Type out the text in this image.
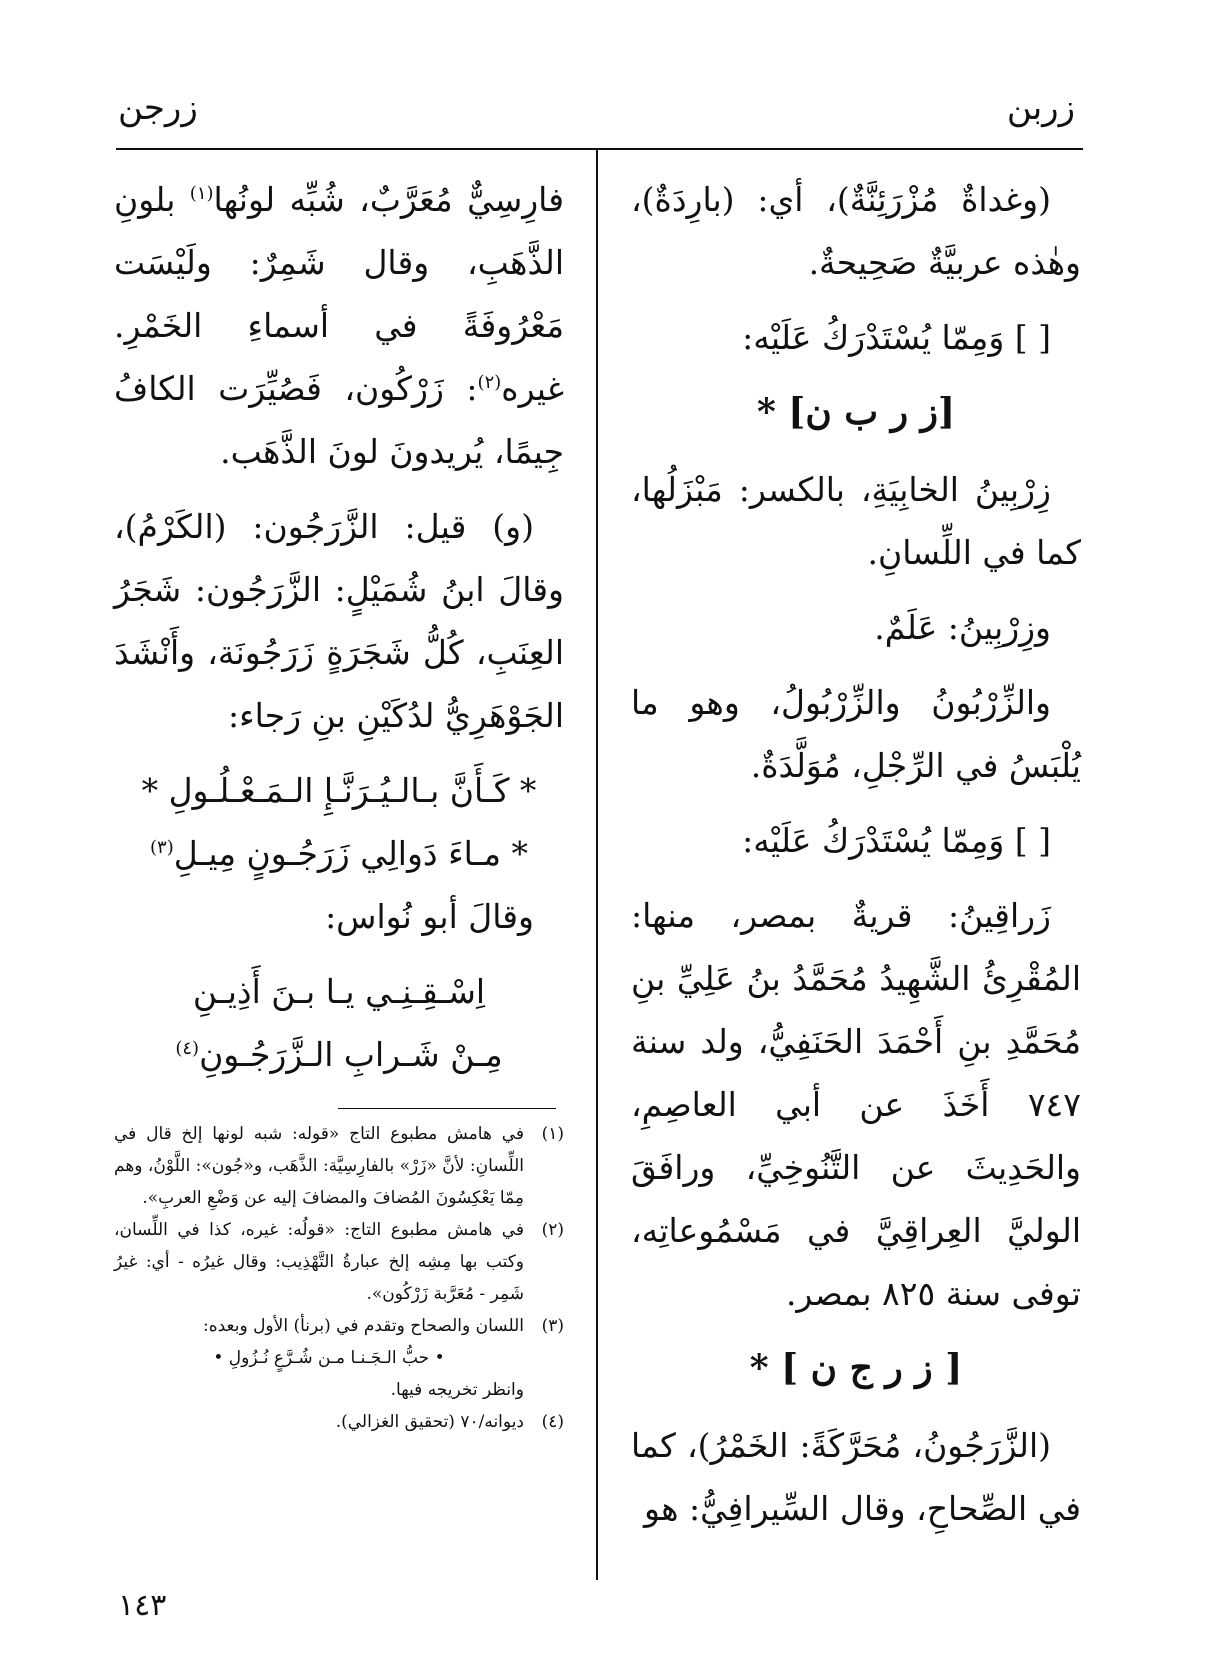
زربن
زرجن

(وغداةٌ مُزْرَئِنَّةٌ)، أي: (بارِدَةٌ)، وهٰذه عربيَّةٌ صَحِيحةٌ.

[ ] وَمِمّا يُسْتَدْرَكُ عَلَيْه:

[ز ر ب ن] *

زِرْبِينُ الخابِيَةِ، بالكسر: مَبْزَلُها، كما في اللِّسانِ.

وزِرْبِينُ: عَلَمٌ.

والزِّرْبُونُ والزِّرْبُولُ، وهو ما يُلْبَسُ في الرِّجْلِ، مُوَلَّدَةٌ.

[ ] وَمِمّا يُسْتَدْرَكُ عَلَيْه:

زَراقِينُ: قريةٌ بمصر، منها: المُقْرِئُ الشَّهِيدُ مُحَمَّدُ بنُ عَلِيِّ بنِ مُحَمَّدِ بنِ أَحْمَدَ الحَنَفِيُّ، ولد سنة ٧٤٧ أَخَذَ عن أبي العاصِمِ، والحَدِيثَ عن التَّنُوخِيِّ، ورافَقَ الوليَّ العِراقِيَّ في مَسْمُوعاتِه، توفى سنة ٨٢٥ بمصر.

[ ز ر ج ن ] *

(الزَّرَجُونُ، مُحَرَّكَةً: الخَمْرُ)، كما في الصِّحاحِ، وقال السِّيرافِيُّ: هو

فارِسِيٌّ مُعَرَّبٌ، شُبِّه لونُها$^{(١)}$ بلونِ الذَّهَبِ، وقال شَمِرٌ: ولَيْسَت مَعْرُوفَةً في أسماءِ الخَمْرِ. غيره$^{(٢)}$: زَرْكُون، فَصُيِّرَت الكافُ جِيمًا، يُريدونَ لونَ الذَّهَب.

(و) قيل: الزَّرَجُون: (الكَرْمُ)، وقالَ ابنُ شُمَيْلٍ: الزَّرَجُون: شَجَرُ العِنَبِ، كُلُّ شَجَرَةٍ زَرَجُونَة، وأَنْشَدَ الجَوْهَرِيُّ لدُكَيْنِ بنِ رَجاء:

* كَـأَنَّ بـالـيُـرَنَّـإِ الـمَـعْـلُـولِ *

* مـاءَ دَوالِي زَرَجُـونٍ مِيـلِ$^{(٣)}$

وقالَ أبو نُواس:

اِسْـقِـنِـي يـا بـنَ أَذِيـنِ

مِـنْ شَـرابِ الـزَّرَجُـونِ$^{(٤)}$

(١)
في هامش مطبوع التاج «قوله: شبه لونها إلخ قال في اللِّسانِ: لأنَّ «زَرْ» بالفارِسِيَّة: الذَّهَب، و«جُون»: اللَّوْنُ، وهم مِمّا يَعْكِسُونَ المُضافَ والمضافَ إليه عن وَضْعِ العربِ».
(٢)
في هامش مطبوع التاج: «قولُه: غيره، كذا في اللِّسان، وكتب بها مِشِه إلخ عبارةُ التَّهْذِيب: وقال غيرُه - أي: غيرُ شَمِر - مُعَرَّبة زَرْكُون».
(٣)
اللسان والصحاح وتقدم في (برنأ) الأول وبعده:
• حبُّ الـجَـنـا مـن شُـرَّعٍ نُـزُولِ •
وانظر تخريجه فيها.
(٤)
ديوانه/٧٠ (تحقيق الغزالي).
١٤٣
